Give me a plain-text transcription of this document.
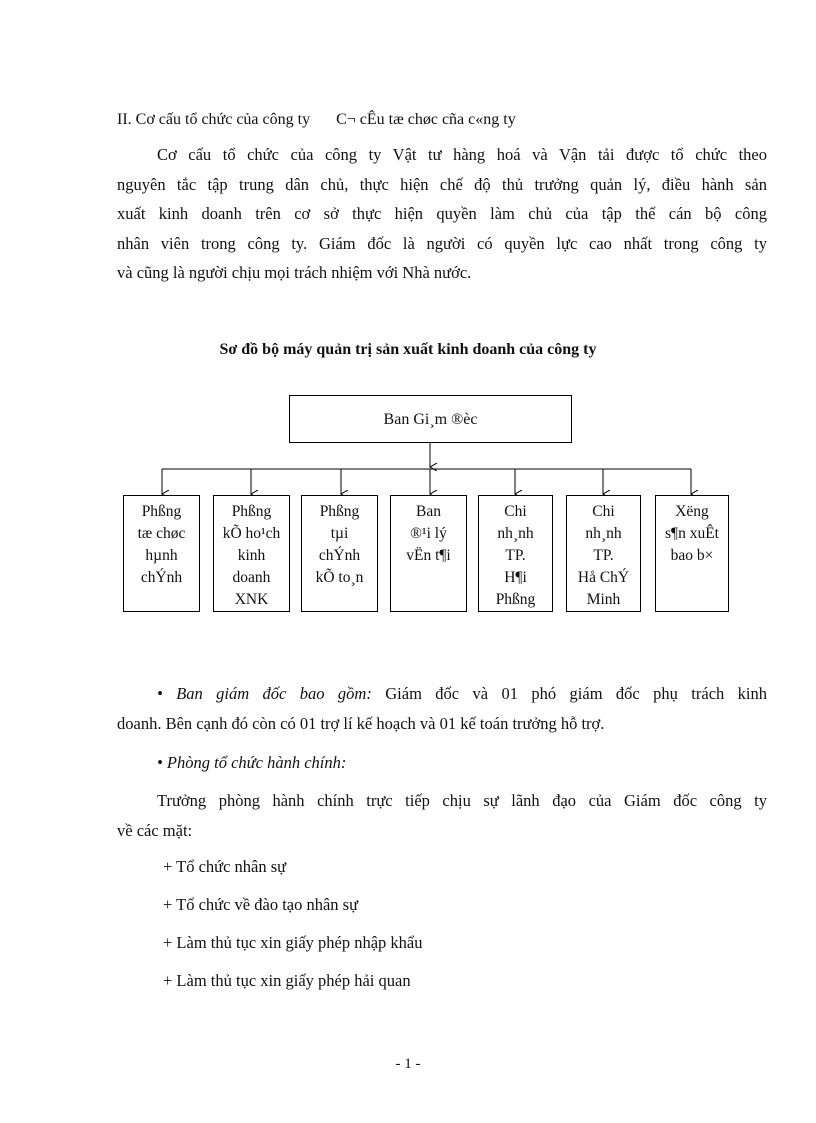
II. Cơ cấu tổ chức của công ty C¬ cÊu tæ chøc cña c«ng ty
Cơ cấu tổ chức của công ty Vật tư hàng hoá và Vận tải được tổ chức theo
nguyên tắc tập trung dân chủ, thực hiện chế độ thủ trưởng quản lý, điều hành sản
xuất kinh doanh trên cơ sở thực hiện quyền làm chủ của tập thể cán bộ công
nhân viên trong công ty. Giám đốc là người có quyền lực cao nhất trong công ty
và cũng là người chịu mọi trách nhiệm với Nhà nước.
Sơ đồ bộ máy quản trị sản xuất kinh doanh của công ty
Ban Gi¸m ®èc
Phßng
tæ chøc
hµnh
chÝnh
Phßng
kÕ ho¹ch
kinh
doanh
XNK
Phßng
tµi
chÝnh
kÕ to¸n
Ban
®¹i lý
vËn t¶i
Chi
nh¸nh
TP.
H¶i
Phßng
Chi
nh¸nh
TP.
Hå ChÝ
Minh
Xëng
s¶n xuÊt
bao b×
• Ban giám đốc bao gồm: Giám đốc và 01 phó giám đốc phụ trách kinh
doanh. Bên cạnh đó còn có 01 trợ lí kế hoạch và 01 kế toán trưởng hỗ trợ.
• Phòng tổ chức hành chính:
Trưởng phòng hành chính trực tiếp chịu sự lãnh đạo của Giám đốc công ty
về các mặt:
+ Tổ chức nhân sự
+ Tổ chức về đào tạo nhân sự
+ Làm thủ tục xin giấy phép nhập khẩu
+ Làm thủ tục xin giấy phép hải quan
- 1 -
